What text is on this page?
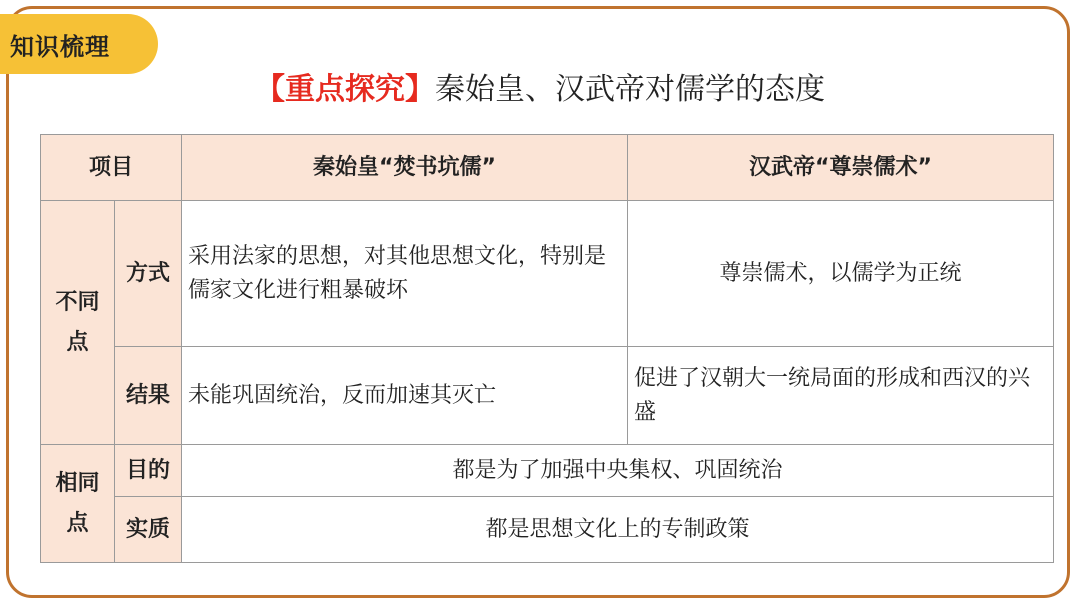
知识梳理
【重点探究】秦始皇、汉武帝对儒学的态度
项目		秦始皇“焚书坑儒”	汉武帝“尊崇儒术”

不同点	方式	采用法家的思想，对其他思想文化，特别是儒家文化进行粗暴破坏	尊崇儒术，以儒学为正统
	结果	未能巩固统治，反而加速其灭亡	促进了汉朝大一统局面的形成和西汉的兴盛

相同点	目的	都是为了加强中央集权、巩固统治	
	实质	都是思想文化上的专制政策	
